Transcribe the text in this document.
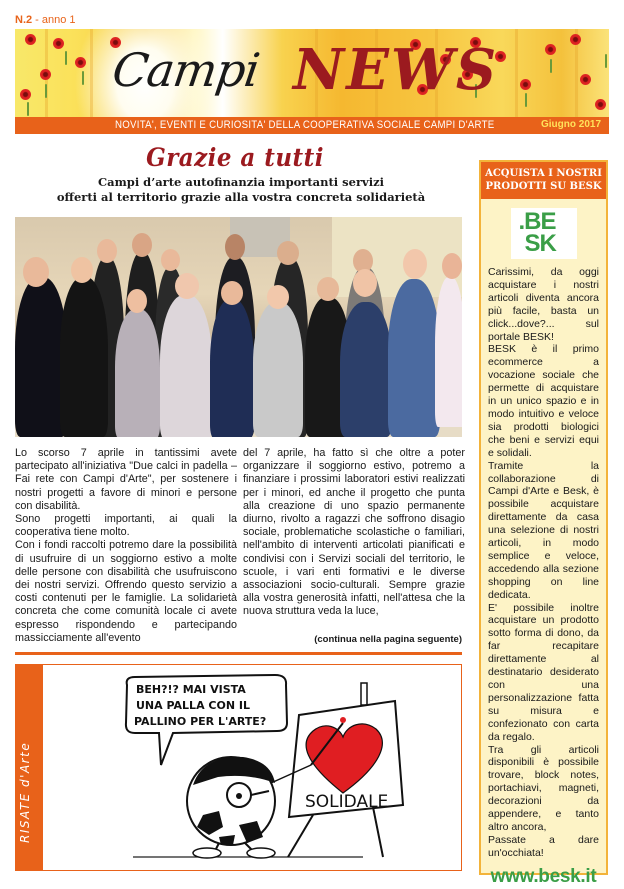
N.2 - anno 1
Campi NEWS
NOVITA', EVENTI E CURIOSITA' DELLA COOPERATIVA SOCIALE CAMPI D'ARTE	Giugno 2017
Grazie a tutti
Campi d’arte autofinanzia importanti servizi
offerti al territorio grazie alla vostra concreta solidarietà

Lo scorso 7 aprile in tantissimi avete partecipato all'iniziativa "Due calci in padella – Fai rete con Campi d'Arte", per sostenere i nostri progetti a favore di minori e persone con disabilità.

Sono progetti importanti, ai quali la cooperativa tiene molto.

Con i fondi raccolti potremo dare la possibilità di usufruire di un soggiorno estivo a molte delle persone con disabilità che usufruiscono dei nostri servizi. Offrendo questo servizio a costi contenuti per le famiglie. La solidarietà concreta che come comunità locale ci avete espresso rispondendo e partecipando massicciamente all'evento

del 7 aprile, ha fatto sì che oltre a poter organizzare il soggiorno estivo, potremo a finanziare i prossimi laboratori estivi realizzati per i minori, ed anche il progetto che punta alla creazione di uno spazio permanente diurno, rivolto a ragazzi che soffrono disagio sociale, problematiche scolastiche o familiari, nell'ambito di interventi articolati pianificati e condivisi con i Servizi sociali del territorio, le scuole, i vari enti formativi e le diverse associazioni socio-culturali. Sempre grazie alla vostra generosità infatti, nell'attesa che la nuova struttura veda la luce,

(continua nella pagina seguente)
RISATE d'Arte
BEH?!? MAI VISTA
UNA PALLA CON IL
PALLINO PER L'ARTE?
SOLIDALE
ACQUISTA I NOSTRI PRODOTTI SU BESK
.BE
SK

Carissimi, da oggi acquistare i nostri articoli diventa ancora più facile, basta un click...dove?... sul portale BESK!

BESK è il primo ecommerce a vocazione sociale che permette di acquistare in un unico spazio e in modo intuitivo e veloce sia prodotti biologici che beni e servizi equi e solidali.

Tramite la collaborazione di Campi d'Arte e Besk, è possibile acquistare direttamente da casa una selezione di nostri articoli, in modo semplice e veloce, accedendo alla sezione shopping on line dedicata.

E' possibile inoltre acquistare un prodotto sotto forma di dono, da far recapitare direttamente al destinatario desiderato con una personalizzazione fatta su misura e confezionato con carta da regalo.

Tra gli articoli disponibili è possibile trovare, block notes, portachiavi, magneti, decorazioni da appendere, e tanto altro ancora,

Passate a dare un'occhiata!

www.besk.it
